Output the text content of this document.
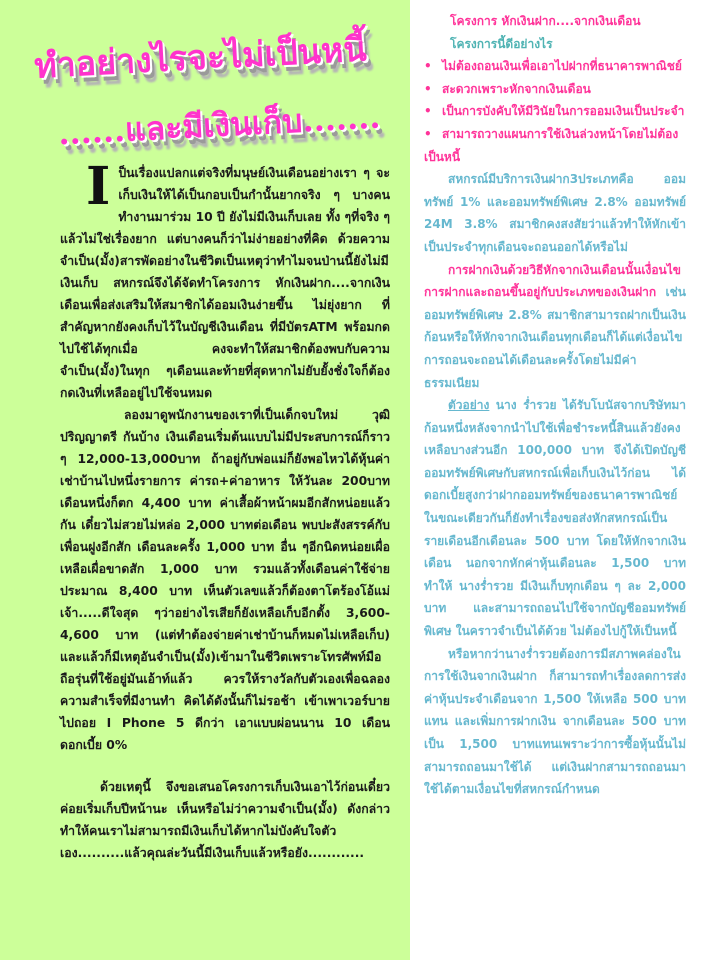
ทำอย่างไรจะไม่เป็นหนี้
......และมีเงินเก็บ.......

I ป็นเรื่องแปลกแต่จริงที่มนุษย์เงินเดือนอย่างเรา ๆ จะเก็บเงินให้ได้เป็นกอบเป็นกำนั้นยากจริง ๆ บางคนทำงานมาร่วม 10 ปี ยังไม่มีเงินเก็บเลย ทั้ง ๆที่จริง ๆแล้วไม่ใช่เรื่องยาก แต่บางคนก็ว่าไม่ง่ายอย่างที่คิด ด้วยความจำเป็น(มั้ง)สารพัดอย่างในชีวิตเป็นเหตุว่าทำไมจนป่านนี้ยังไม่มีเงินเก็บ สหกรณ์จึงได้จัดทำโครงการ หักเงินฝาก....จากเงินเดือนเพื่อส่งเสริมให้สมาชิกได้ออมเงินง่ายขึ้น ไม่ยุ่งยาก ที่สำคัญหากยังคงเก็บไว้ในบัญชีเงินเดือน ที่มีบัตรATM พร้อมกดไปใช้ได้ทุกเมื่อ คงจะทำให้สมาชิกต้องพบกับความจำเป็น(มั้ง)ในทุก ๆเดือนและท้ายที่สุดหากไม่ยับยั้งชั่งใจก็ต้องกดเงินที่เหลืออยู่ไปใช้จนหมด

ลองมาดูพนักงานของเราที่เป็นเด็กจบใหม่ วุฒิปริญญาตรี กันบ้าง เงินเดือนเริ่มต้นแบบไม่มีประสบการณ์ก็ราว ๆ 12,000-13,000บาท ถ้าอยู่กับพ่อแม่ก็ยังพอไหวได้หุ้นค่าเช่าบ้านไปหนึ่งรายการ ค่ารถ+ค่าอาหาร ให้วันละ 200บาท เดือนหนึ่งก็ตก 4,400 บาท ค่าเสื้อผ้าหน้าผมอีกสักหน่อยแล้วกัน เดี๋ยวไม่สวยไม่หล่อ 2,000 บาทต่อเดือน พบปะสังสรรค์กับเพื่อนฝูงอีกสัก เดือนละครั้ง 1,000 บาท อื่น ๆอีกนิดหน่อยเผื่อเหลือเผื่อขาดสัก 1,000 บาท รวมแล้วทั้งเดือนค่าใช้จ่ายประมาณ 8,400 บาท เห็นตัวเลขแล้วก็ต้องตาโตร้องโอ้แม่เจ้า.....ดีใจสุด ๆว่าอย่างไรเสียก็ยังเหลือเก็บอีกตั้ง 3,600-4,600 บาท (แต่ทำต้องจ่ายค่าเช่าบ้านก็หมดไม่เหลือเก็บ) และแล้วก็มีเหตุอันจำเป็น(มั้ง)เข้ามาในชีวิตเพราะโทรศัพท์มือถือรุ่นที่ใช้อยู่มันเอ้าท์แล้ว ควรให้รางวัลกับตัวเองเพื่อฉลองความสำเร็จที่มีงานทำ คิดได้ดังนั้นก็ไม่รอช้า เข้าเพาเวอร์บายไปถอย I Phone 5 ดีกว่า เอาแบบผ่อนนาน 10 เดือน ดอกเบี้ย 0%

ด้วยเหตุนี้ จึงขอเสนอโครงการเก็บเงินเอาไว้ก่อนเดี๋ยวค่อยเริ่มเก็บปีหน้านะ เห็นหรือไม่ว่าความจำเป็น(มั้ง) ดังกล่าวทำให้คนเราไม่สามารถมีเงินเก็บได้หากไม่บังคับใจตัวเอง..........แล้วคุณล่ะวันนี้มีเงินเก็บแล้วหรือยัง............

โครงการ หักเงินฝาก....จากเงินเดือน

โครงการนี้ดีอย่างไร

• ไม่ต้องถอนเงินเพื่อเอาไปฝากที่ธนาคารพาณิชย์

• สะดวกเพราะหักจากเงินเดือน

• เป็นการบังคับให้มีวินัยในการออมเงินเป็นประจำ

• สามารถวางแผนการใช้เงินล่วงหน้าโดยไม่ต้องเป็นหนี้

สหกรณ์มีบริการเงินฝาก3ประเภทคือ ออมทรัพย์ 1% และออมทรัพย์พิเศษ 2.8% ออมทรัพย์ 24M 3.8% สมาชิกคงสงสัยว่าแล้วทำให้หักเข้าเป็นประจำทุกเดือนจะถอนออกได้หรือไม่

การฝากเงินด้วยวิธีหักจากเงินเดือนนั้นเงื่อนไขการฝากและถอนขึ้นอยู่กับประเภทของเงินฝาก เช่น ออมทรัพย์พิเศษ 2.8% สมาชิกสามารถฝากเป็นเงินก้อนหรือให้หักจากเงินเดือนทุกเดือนก็ได้แต่เงื่อนไขการถอนจะถอนได้เดือนละครั้งโดยไม่มีค่าธรรมเนียม

ตัวอย่าง นาง ร่ำรวย ได้รับโบนัสจากบริษัทมาก้อนหนึ่งหลังจากนำไปใช้เพื่อชำระหนี้สินแล้วยังคงเหลือบางส่วนอีก 100,000 บาท จึงได้เปิดบัญชีออมทรัพย์พิเศษกับสหกรณ์เพื่อเก็บเงินไว้ก่อน ได้ดอกเบี้ยสูงกว่าฝากออมทรัพย์ของธนาคารพาณิชย์ ในขณะเดียวกันก็ยังทำเรื่องขอส่งหักสหกรณ์เป็นรายเดือนอีกเดือนละ 500 บาท โดยให้หักจากเงินเดือน นอกจากหักค่าหุ้นเดือนละ 1,500 บาท ทำให้ นางร่ำรวย มีเงินเก็บทุกเดือน ๆ ละ 2,000 บาท และสามารถถอนไปใช้จากบัญชีออมทรัพย์พิเศษ ในคราวจำเป็นได้ด้วย ไม่ต้องไปกู้ให้เป็นหนี้

หรือหากว่านางร่ำรวยต้องการมีสภาพคล่องในการใช้เงินจากเงินฝาก ก็สามารถทำเรื่องลดการส่งค่าหุ้นประจำเดือนจาก 1,500 ให้เหลือ 500 บาทแทน และเพิ่มการฝากเงิน จากเดือนละ 500 บาทเป็น 1,500 บาทแทนเพราะว่าการซื้อหุ้นนั้นไม่สามารถถอนมาใช้ได้ แต่เงินฝากสามารถถอนมาใช้ได้ตามเงื่อนไขที่สหกรณ์กำหนด
